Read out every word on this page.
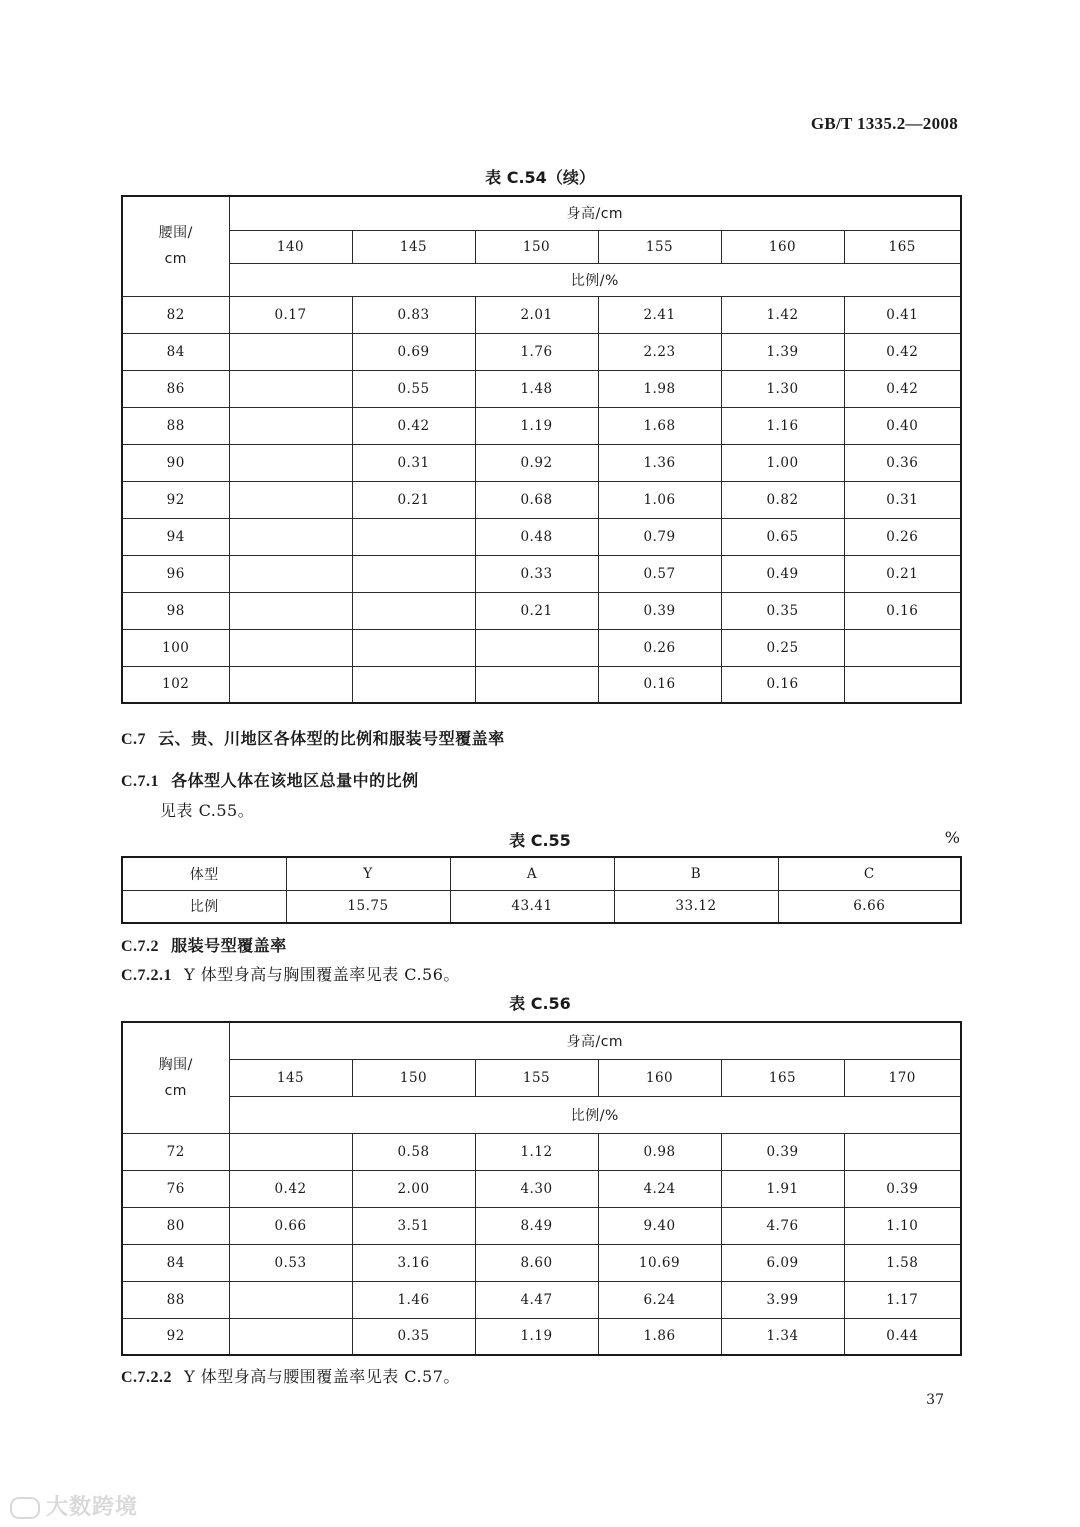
GB/T 1335.2—2008
表 C.54（续）
腰围/
cm	身高/cm					
	140	145	150	155	160	165
	比例/%					
82	0.17	0.83	2.01	2.41	1.42	0.41
84		0.69	1.76	2.23	1.39	0.42
86		0.55	1.48	1.98	1.30	0.42
88		0.42	1.19	1.68	1.16	0.40
90		0.31	0.92	1.36	1.00	0.36
92		0.21	0.68	1.06	0.82	0.31
94			0.48	0.79	0.65	0.26
96			0.33	0.57	0.49	0.21
98			0.21	0.39	0.35	0.16
100				0.26	0.25	
102				0.16	0.16	
C.7 云、贵、川地区各体型的比例和服装号型覆盖率
C.7.1 各体型人体在该地区总量中的比例
见表 C.55。
表 C.55	%
体型	Y	A	B	C
比例	15.75	43.41	33.12	6.66
C.7.2 服装号型覆盖率
C.7.2.1 Y 体型身高与胸围覆盖率见表 C.56。
表 C.56
胸围/
cm	身高/cm					
	145	150	155	160	165	170
	比例/%					
72		0.58	1.12	0.98	0.39	
76	0.42	2.00	4.30	4.24	1.91	0.39
80	0.66	3.51	8.49	9.40	4.76	1.10
84	0.53	3.16	8.60	10.69	6.09	1.58
88		1.46	4.47	6.24	3.99	1.17
92		0.35	1.19	1.86	1.34	0.44
C.7.2.2 Y 体型身高与腰围覆盖率见表 C.57。
37
大数跨境
